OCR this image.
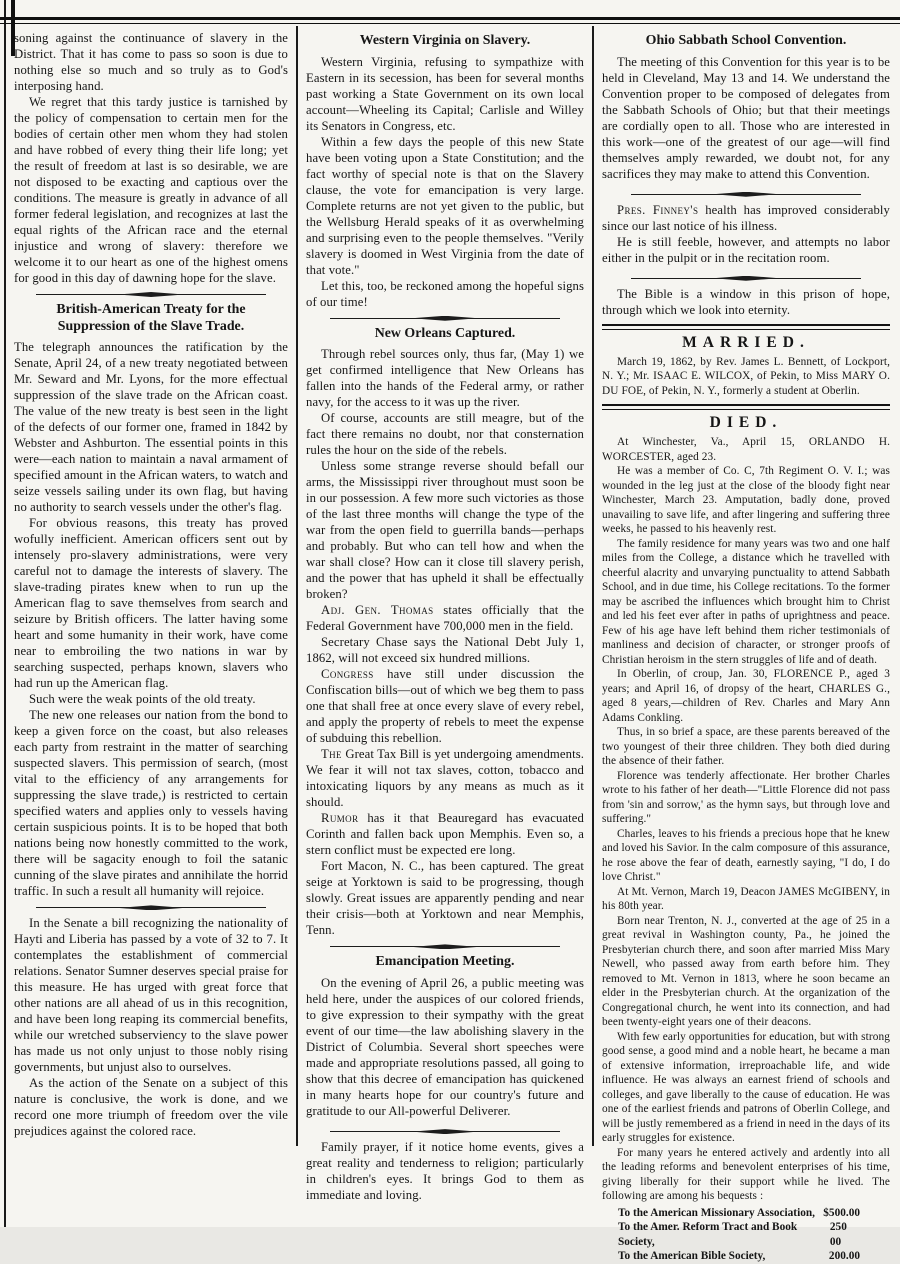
soning against the continuance of slavery in the District. That it has come to pass so soon is due to nothing else so much and so truly as to God's interposing hand.

We regret that this tardy justice is tarnished by the policy of compensation to certain men for the bodies of certain other men whom they had stolen and have robbed of every thing their life long; yet the result of freedom at last is so desirable, we are not disposed to be exacting and captious over the conditions. The measure is greatly in advance of all former federal legislation, and recognizes at last the equal rights of the African race and the eternal injustice and wrong of slavery: therefore we welcome it to our heart as one of the highest omens for good in this day of dawning hope for the slave.

British-American Treaty for the Suppression of the Slave Trade.

The telegraph announces the ratification by the Senate, April 24, of a new treaty negotiated between Mr. Seward and Mr. Lyons, for the more effectual suppression of the slave trade on the African coast. The value of the new treaty is best seen in the light of the defects of our former one, framed in 1842 by Webster and Ashburton. The essential points in this were—each nation to maintain a naval armament of specified amount in the African waters, to watch and seize vessels sailing under its own flag, but having no authority to search vessels under the other's flag.

For obvious reasons, this treaty has proved wofully inefficient. American officers sent out by intensely pro-slavery administrations, were very careful not to damage the interests of slavery. The slave-trading pirates knew when to run up the American flag to save themselves from search and seizure by British officers. The latter having some heart and some humanity in their work, have come near to embroiling the two nations in war by searching suspected, perhaps known, slavers who had run up the American flag.

Such were the weak points of the old treaty.

The new one releases our nation from the bond to keep a given force on the coast, but also releases each party from restraint in the matter of searching suspected slavers. This permission of search, (most vital to the efficiency of any arrangements for suppressing the slave trade,) is restricted to certain specified waters and applies only to vessels having certain suspicious points. It is to be hoped that both nations being now honestly committed to the work, there will be sagacity enough to foil the satanic cunning of the slave pirates and annihilate the horrid traffic. In such a result all humanity will rejoice.

In the Senate a bill recognizing the nationality of Hayti and Liberia has passed by a vote of 32 to 7. It contemplates the establishment of commercial relations. Senator Sumner deserves special praise for this measure. He has urged with great force that other nations are all ahead of us in this recognition, and have been long reaping its commercial benefits, while our wretched subserviency to the slave power has made us not only unjust to those nobly rising governments, but unjust also to ourselves.

As the action of the Senate on a subject of this nature is conclusive, the work is done, and we record one more triumph of freedom over the vile prejudices against the colored race.

Western Virginia on Slavery.

Western Virginia, refusing to sympathize with Eastern in its secession, has been for several months past working a State Government on its own local account—Wheeling its Capital; Carlisle and Willey its Senators in Congress, etc.

Within a few days the people of this new State have been voting upon a State Constitution; and the fact worthy of special note is that on the Slavery clause, the vote for emancipation is very large. Complete returns are not yet given to the public, but the Wellsburg Herald speaks of it as overwhelming and surprising even to the people themselves. "Verily slavery is doomed in West Virginia from the date of that vote."

Let this, too, be reckoned among the hopeful signs of our time!

New Orleans Captured.

Through rebel sources only, thus far, (May 1) we get confirmed intelligence that New Orleans has fallen into the hands of the Federal army, or rather navy, for the access to it was up the river.

Of course, accounts are still meagre, but of the fact there remains no doubt, nor that consternation rules the hour on the side of the rebels.

Unless some strange reverse should befall our arms, the Mississippi river throughout must soon be in our possession. A few more such victories as those of the last three months will change the type of the war from the open field to guerrilla bands—perhaps and probably. But who can tell how and when the war shall close? How can it close till slavery perish, and the power that has upheld it shall be effectually broken?

Adj. Gen. Thomas states officially that the Federal Government have 700,000 men in the field.

Secretary Chase says the National Debt July 1, 1862, will not exceed six hundred millions.

Congress have still under discussion the Confiscation bills—out of which we beg them to pass one that shall free at once every slave of every rebel, and apply the property of rebels to meet the expense of subduing this rebellion.

The Great Tax Bill is yet undergoing amendments. We fear it will not tax slaves, cotton, tobacco and intoxicating liquors by any means as much as it should.

Rumor has it that Beauregard has evacuated Corinth and fallen back upon Memphis. Even so, a stern conflict must be expected ere long.

Fort Macon, N. C., has been captured. The great seige at Yorktown is said to be progressing, though slowly. Great issues are apparently pending and near their crisis—both at Yorktown and near Memphis, Tenn.

Emancipation Meeting.

On the evening of April 26, a public meeting was held here, under the auspices of our colored friends, to give expression to their sympathy with the great event of our time—the law abolishing slavery in the District of Columbia. Several short speeches were made and appropriate resolutions passed, all going to show that this decree of emancipation has quickened in many hearts hope for our country's future and gratitude to our All-powerful Deliverer.

Family prayer, if it notice home events, gives a great reality and tenderness to religion; particularly in children's eyes. It brings God to them as immediate and loving.

Ohio Sabbath School Convention.

The meeting of this Convention for this year is to be held in Cleveland, May 13 and 14. We understand the Convention proper to be composed of delegates from the Sabbath Schools of Ohio; but that their meetings are cordially open to all. Those who are interested in this work—one of the greatest of our age—will find themselves amply rewarded, we doubt not, for any sacrifices they may make to attend this Convention.

Pres. Finney's health has improved considerably since our last notice of his illness.

He is still feeble, however, and attempts no labor either in the pulpit or in the recitation room.

The Bible is a window in this prison of hope, through which we look into eternity.

MARRIED.

March 19, 1862, by Rev. James L. Bennett, of Lockport, N. Y.; Mr. ISAAC E. WILCOX, of Pekin, to Miss MARY O. DU FOE, of Pekin, N. Y., formerly a student at Oberlin.

DIED.

At Winchester, Va., April 15, ORLANDO H. WORCESTER, aged 23.

He was a member of Co. C, 7th Regiment O. V. I.; was wounded in the leg just at the close of the bloody fight near Winchester, March 23. Amputation, badly done, proved unavailing to save life, and after lingering and suffering three weeks, he passed to his heavenly rest.

The family residence for many years was two and one half miles from the College, a distance which he travelled with cheerful alacrity and unvarying punctuality to attend Sabbath School, and in due time, his College recitations. To the former may be ascribed the influences which brought him to Christ and led his feet ever after in paths of uprightness and peace. Few of his age have left behind them richer testimonials of manliness and decision of character, or stronger proofs of Christian heroism in the stern struggles of life and of death.

In Oberlin, of croup, Jan. 30, FLORENCE P., aged 3 years; and April 16, of dropsy of the heart, CHARLES G., aged 8 years,—children of Rev. Charles and Mary Ann Adams Conkling.

Thus, in so brief a space, are these parents bereaved of the two youngest of their three children. They both died during the absence of their father.

Florence was tenderly affectionate. Her brother Charles wrote to his father of her death—"Little Florence did not pass from 'sin and sorrow,' as the hymn says, but through love and suffering."

Charles, leaves to his friends a precious hope that he knew and loved his Savior. In the calm composure of this assurance, he rose above the fear of death, earnestly saying, "I do, I do love Christ."

At Mt. Vernon, March 19, Deacon JAMES McGIBENY, in his 80th year.

Born near Trenton, N. J., converted at the age of 25 in a great revival in Washington county, Pa., he joined the Presbyterian church there, and soon after married Miss Mary Newell, who passed away from earth before him. They removed to Mt. Vernon in 1813, where he soon became an elder in the Presbyterian church. At the organization of the Congregational church, he went into its connection, and had been twenty-eight years one of their deacons.

With few early opportunities for education, but with strong good sense, a good mind and a noble heart, he became a man of extensive information, irreproachable life, and wide influence. He was always an earnest friend of schools and colleges, and gave liberally to the cause of education. He was one of the earliest friends and patrons of Oberlin College, and will be justly remembered as a friend in need in the days of its early struggles for existence.

For many years he entered actively and ardently into all the leading reforms and benevolent enterprises of his time, giving liberally for their support while he lived. The following are among his bequests :

To the American Missionary Association, $500.00
To the Amer. Reform Tract and Book Society,
250 00
To the American Bible Society,	200.00
